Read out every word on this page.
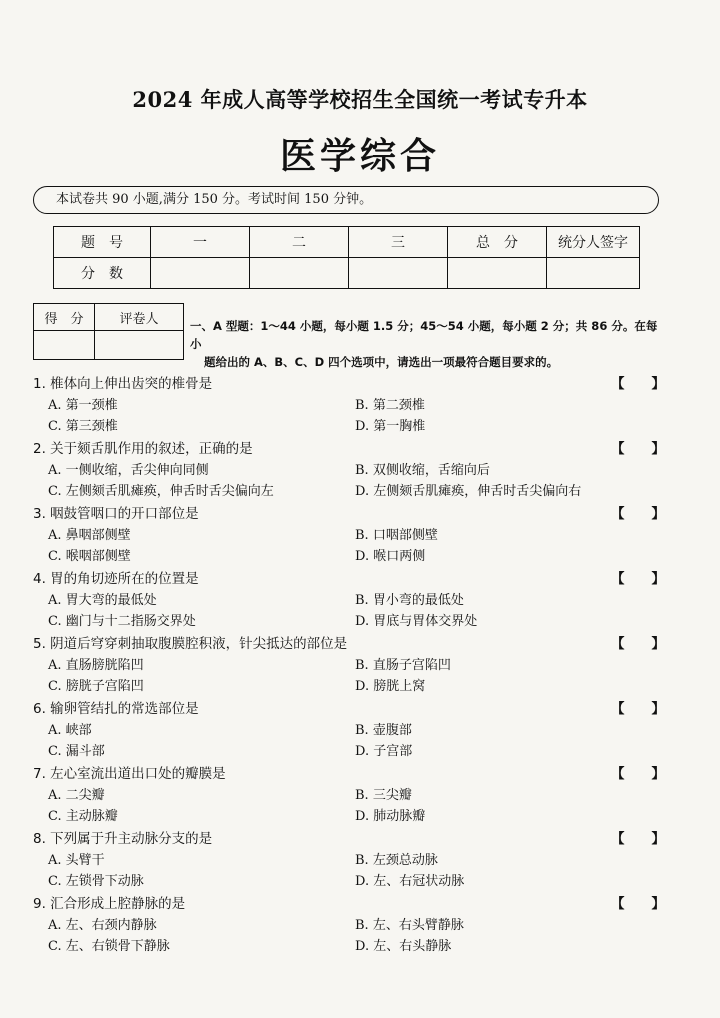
2024 年成人高等学校招生全国统一考试专升本
医学综合
本试卷共 90 小题,满分 150 分。考试时间 150 分钟。
题　号	一	二	三	总　分	统分人签字
分　数					
得　分	评卷人
		一、A 型题：1～44 小题，每小题 1.5 分；45～54 小题，每小题 2 分；共 86 分。在每小
题给出的 A、B、C、D 四个选项中，请选出一项最符合题目要求的。
1. 椎体向上伸出齿突的椎骨是	【　　】
A. 第一颈椎	B. 第二颈椎
C. 第三颈椎	D. 第一胸椎
2. 关于颏舌肌作用的叙述，正确的是	【　　】
A. 一侧收缩，舌尖伸向同侧	B. 双侧收缩，舌缩向后
C. 左侧颏舌肌瘫痪，伸舌时舌尖偏向左	D. 左侧颏舌肌瘫痪，伸舌时舌尖偏向右
3. 咽鼓管咽口的开口部位是	【　　】
A. 鼻咽部侧壁	B. 口咽部侧壁
C. 喉咽部侧壁	D. 喉口两侧
4. 胃的角切迹所在的位置是	【　　】
A. 胃大弯的最低处	B. 胃小弯的最低处
C. 幽门与十二指肠交界处	D. 胃底与胃体交界处
5. 阴道后穹穿刺抽取腹膜腔积液，针尖抵达的部位是	【　　】
A. 直肠膀胱陷凹	B. 直肠子宫陷凹
C. 膀胱子宫陷凹	D. 膀胱上窝
6. 输卵管结扎的常选部位是	【　　】
A. 峡部	B. 壶腹部
C. 漏斗部	D. 子宫部
7. 左心室流出道出口处的瓣膜是	【　　】
A. 二尖瓣	B. 三尖瓣
C. 主动脉瓣	D. 肺动脉瓣
8. 下列属于升主动脉分支的是	【　　】
A. 头臂干	B. 左颈总动脉
C. 左锁骨下动脉	D. 左、右冠状动脉
9. 汇合形成上腔静脉的是	【　　】
A. 左、右颈内静脉	B. 左、右头臂静脉
C. 左、右锁骨下静脉	D. 左、右头静脉
